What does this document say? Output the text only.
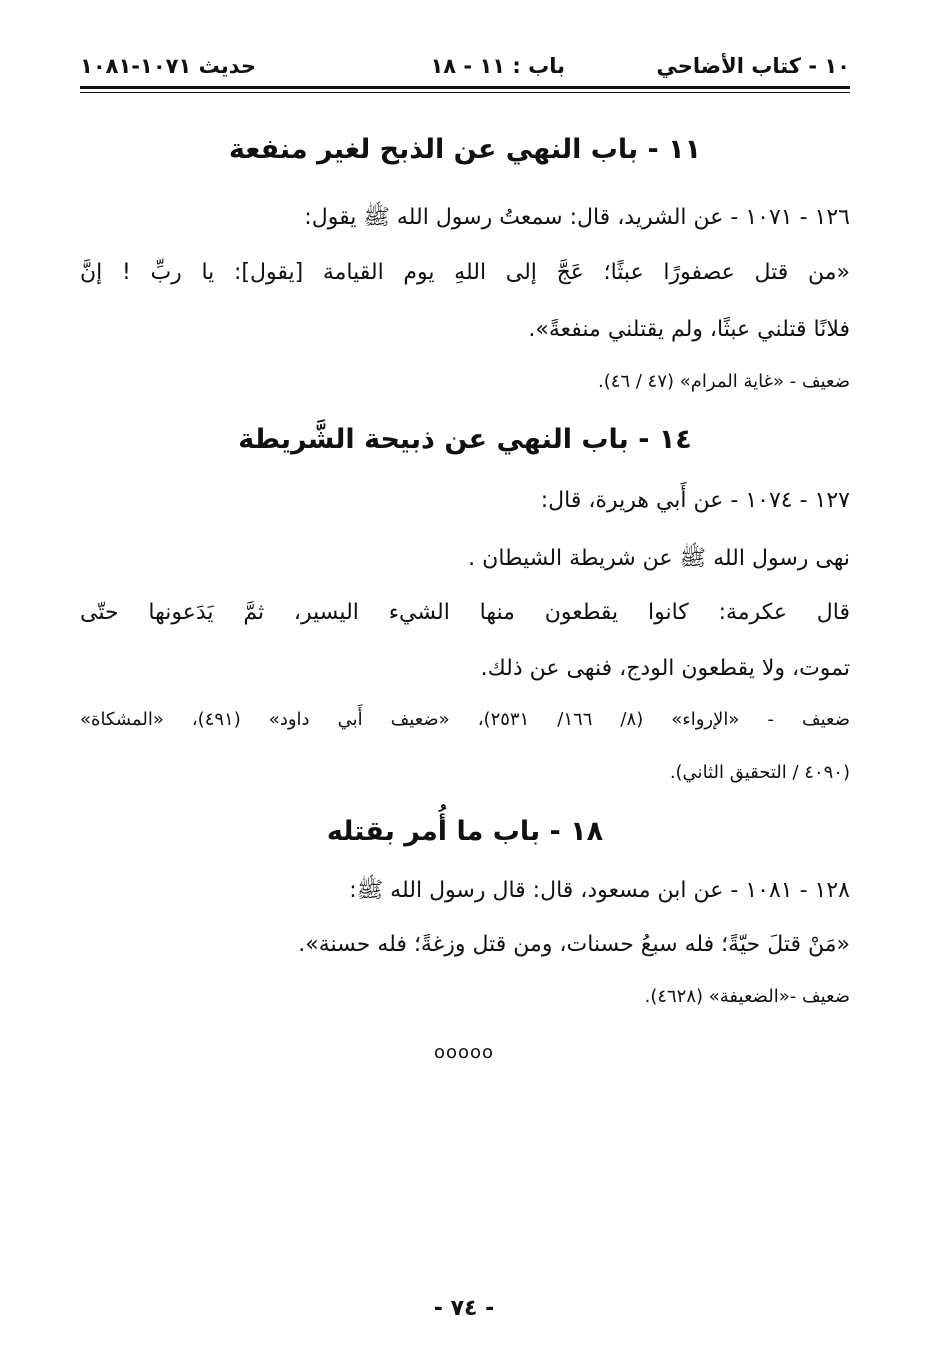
١٠ - كتاب الأضاحي
باب : ١١ - ١٨
حديث ١٠٧١-١٠٨١
١١ - باب النهي عن الذبح لغير منفعة
١٢٦ - ١٠٧١ - عن الشريد، قال: سمعتُ رسول الله ﷺ يقول:
«من قتل عصفورًا عبثًا؛ عَجَّ إلى اللهِ يوم القيامة [يقول]: يا ربِّ ! إنَّ
فلانًا قتلني عبثًا، ولم يقتلني منفعةً».
ضعيف - «غاية المرام» (٤٧ / ٤٦).
١٤ - باب النهي عن ذبيحة الشَّريطة
١٢٧ - ١٠٧٤ - عن أَبي هريرة، قال:
نهى رسول الله ﷺ عن شريطة الشيطان .
قال عكرمة: كانوا يقطعون منها الشيء اليسير، ثمَّ يَدَعونها حتّى
تموت، ولا يقطعون الودج، فنهى عن ذلك.
ضعيف - «الإرواء» (٨/ ١٦٦/ ٢٥٣١)، «ضعيف أَبي داود» (٤٩١)، «المشكاة»
(٤٠٩٠ / التحقيق الثاني).
١٨ - باب ما أُمر بقتله
١٢٨ - ١٠٨١ - عن ابن مسعود، قال: قال رسول الله ﷺ:
«مَنْ قتلَ حيّةً؛ فله سبعُ حسنات، ومن قتل وزغةً؛ فله حسنة».
ضعيف -«الضعيفة» (٤٦٢٨).
ooooo
- ٧٤ -
